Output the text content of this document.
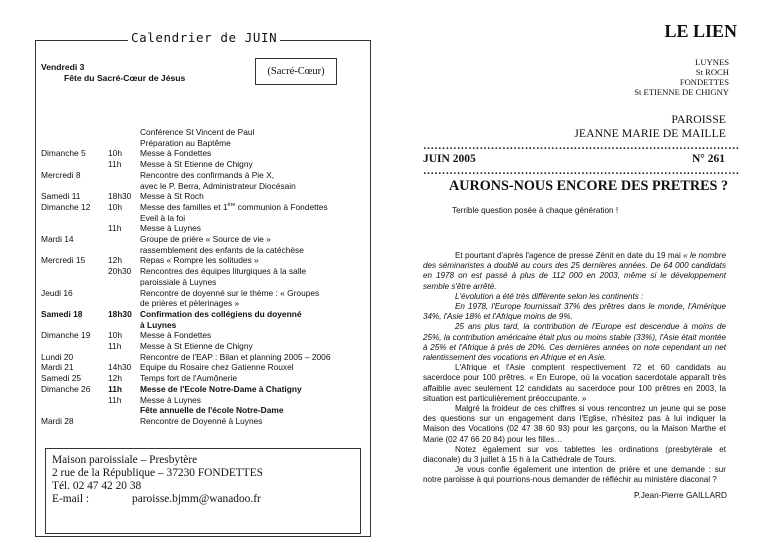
Calendrier de JUIN
Vendredi 3
Fête du Sacré-Cœur de Jésus
(Sacré-Cœur)
Conférence St Vincent de Paul
Préparation au Baptême
Dimanche 5	10h Messe à Fondettes
11h Messe à St Etienne de Chigny
Mercredi 8	Rencontre des confirmands à Pie X,
avec le P. Berra, Administrateur Diocésain
Samedi 11	18h30 Messe à St Roch
Dimanche 12 10h Messe des familles et 1ère communion à Fondettes
Eveil à la foi
11h Messe à Luynes
Mardi 14	Groupe de prière « Source de vie »
rassemblement des enfants de la catéchèse
Mercredi 15	12h Repas « Rompre les solitudes »
20h30 Rencontres des équipes liturgiques à la salle
paroissiale à Luynes
Jeudi 16	Rencontre de doyenné sur le thème : « Groupes
de prières et pèlerinages »
Samedi 18	18h30 Confirmation des collégiens du doyenné
à Luynes
Dimanche 19 10h Messe à Fondettes
11h Messe à St Etienne de Chigny
Lundi 20	Rencontre de l'EAP : Bilan et planning 2005 – 2006
Mardi 21	14h30 Equipe du Rosaire chez Gatienne Rouxel
Samedi 25	12h Temps fort de l'Aumônerie
Dimanche 26 11h Messe de l'Ecole Notre-Dame à Chatigny
11h Messe à Luynes
Fête annuelle de l'école Notre-Dame
Mardi 28	Rencontre de Doyenné à Luynes
Maison paroissiale – Presbytère
2 rue de la République – 37230 FONDETTES
Tél. 02 47 42 20 38
E-mail :	paroisse.bjmm@wanadoo.fr
LE LIEN
LUYNES
St ROCH
FONDETTES
St ETIENNE DE CHIGNY
PAROISSE
JEANNE MARIE DE MAILLE
…………………………………………………………………………
JUIN 2005	N° 261
…………………………………………………………………………
AURONS-NOUS ENCORE DES PRETRES ?
Terrible question posée à chaque génération !

Et pourtant d'après l'agence de presse Zénit en date du 19 mai « le nombre des séminaristes a doublé au cours des 25 dernières années. De 64 000 candidats en 1978 on est passé à plus de 112 000 en 2003, même si le développement semble s'être arrêté.

L'évolution a été très différente selon les continents :

En 1978, l'Europe fournissait 37% des prêtres dans le monde, l'Amérique 34%, l'Asie 18% et l'Afrique moins de 9%.

25 ans plus tard, la contribution de l'Europe est descendue à moins de 25%, la contribution américaine était plus ou moins stable (33%), l'Asie était montée à 25% et l'Afrique à près de 20%. Ces dernières années on note cependant un net ralentissement des vocations en Afrique et en Asie.

L'Afrique et l'Asie comptent respectivement 72 et 60 candidats au sacerdoce pour 100 prêtres. « En Europe, où la vocation sacerdotale apparaît très affaiblie avec seulement 12 candidats au sacerdoce pour 100 prêtres en 2003, la situation est particulièrement préoccupante. »

Malgré la froideur de ces chiffres si vous rencontrez un jeune qui se pose des questions sur un engagement dans l'Eglise, n'hésitez pas à lui indiquer la Maison des Vocations (02 47 38 60 93) pour les garçons, ou la Maison Marthe et Marie (02 47 66 20 84) pour les filles…

Notez également sur vos tablettes les ordinations (presbytérale et diaconale) du 3 juillet à 15 h à la Cathédrale de Tours.

Je vous confie également une intention de prière et une demande : sur notre paroisse à qui pourrions-nous demander de réfléchir au ministère diaconal ?

P.Jean-Pierre GAILLARD
